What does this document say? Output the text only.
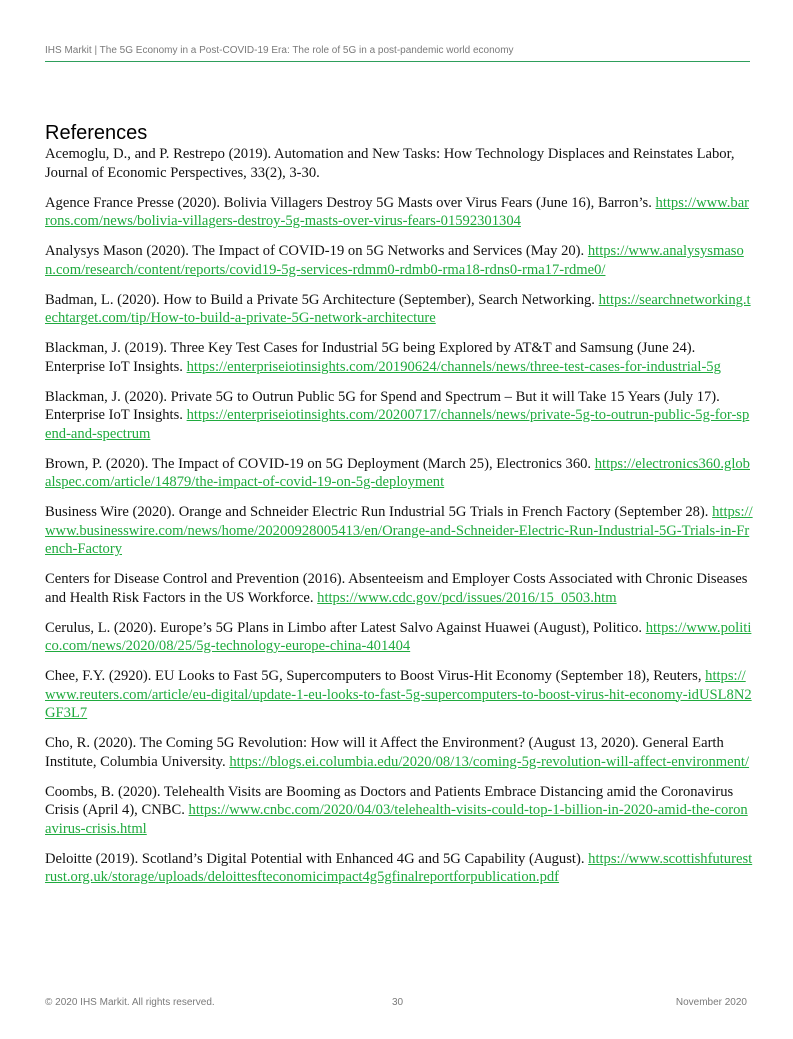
IHS Markit | The 5G Economy in a Post-COVID-19 Era: The role of 5G in a post-pandemic world economy
References

Acemoglu, D., and P. Restrepo (2019). Automation and New Tasks: How Technology Displaces and Reinstates Labor, Journal of Economic Perspectives, 33(2), 3-30.

Agence France Presse (2020). Bolivia Villagers Destroy 5G Masts over Virus Fears (June 16), Barron’s. https://www.barrons.com/news/bolivia-villagers-destroy-5g-masts-over-virus-fears-01592301304

Analysys Mason (2020). The Impact of COVID-19 on 5G Networks and Services (May 20). https://www.analysysmason.com/research/content/reports/covid19-5g-services-rdmm0-rdmb0-rma18-rdns0-rma17-rdme0/

Badman, L. (2020). How to Build a Private 5G Architecture (September), Search Networking. https://searchnetworking.techtarget.com/tip/How-to-build-a-private-5G-network-architecture

Blackman, J. (2019). Three Key Test Cases for Industrial 5G being Explored by AT&T and Samsung (June 24). Enterprise IoT Insights. https://enterpriseiotinsights.com/20190624/channels/news/three-test-cases-for-industrial-5g

Blackman, J. (2020). Private 5G to Outrun Public 5G for Spend and Spectrum – But it will Take 15 Years (July 17). Enterprise IoT Insights. https://enterpriseiotinsights.com/20200717/channels/news/private-5g-to-outrun-public-5g-for-spend-and-spectrum

Brown, P. (2020). The Impact of COVID-19 on 5G Deployment (March 25), Electronics 360. https://electronics360.globalspec.com/article/14879/the-impact-of-covid-19-on-5g-deployment

Business Wire (2020). Orange and Schneider Electric Run Industrial 5G Trials in French Factory (September 28). https://www.businesswire.com/news/home/20200928005413/en/Orange-and-Schneider-Electric-Run-Industrial-5G-Trials-in-French-Factory

Centers for Disease Control and Prevention (2016). Absenteeism and Employer Costs Associated with Chronic Diseases and Health Risk Factors in the US Workforce. https://www.cdc.gov/pcd/issues/2016/15_0503.htm

Cerulus, L. (2020). Europe’s 5G Plans in Limbo after Latest Salvo Against Huawei (August), Politico. https://www.politico.com/news/2020/08/25/5g-technology-europe-china-401404

Chee, F.Y. (2920). EU Looks to Fast 5G, Supercomputers to Boost Virus-Hit Economy (September 18), Reuters, https://www.reuters.com/article/eu-digital/update-1-eu-looks-to-fast-5g-supercomputers-to-boost-virus-hit-economy-idUSL8N2GF3L7

Cho, R. (2020). The Coming 5G Revolution: How will it Affect the Environment? (August 13, 2020). General Earth Institute, Columbia University. https://blogs.ei.columbia.edu/2020/08/13/coming-5g-revolution-will-affect-environment/

Coombs, B. (2020). Telehealth Visits are Booming as Doctors and Patients Embrace Distancing amid the Coronavirus Crisis (April 4), CNBC. https://www.cnbc.com/2020/04/03/telehealth-visits-could-top-1-billion-in-2020-amid-the-coronavirus-crisis.html

Deloitte (2019). Scotland’s Digital Potential with Enhanced 4G and 5G Capability (August). https://www.scottishfuturestrust.org.uk/storage/uploads/deloittesfteconomicimpact4g5gfinalreportforpublication.pdf

© 2020 IHS Markit. All rights reserved.	30	November 2020
